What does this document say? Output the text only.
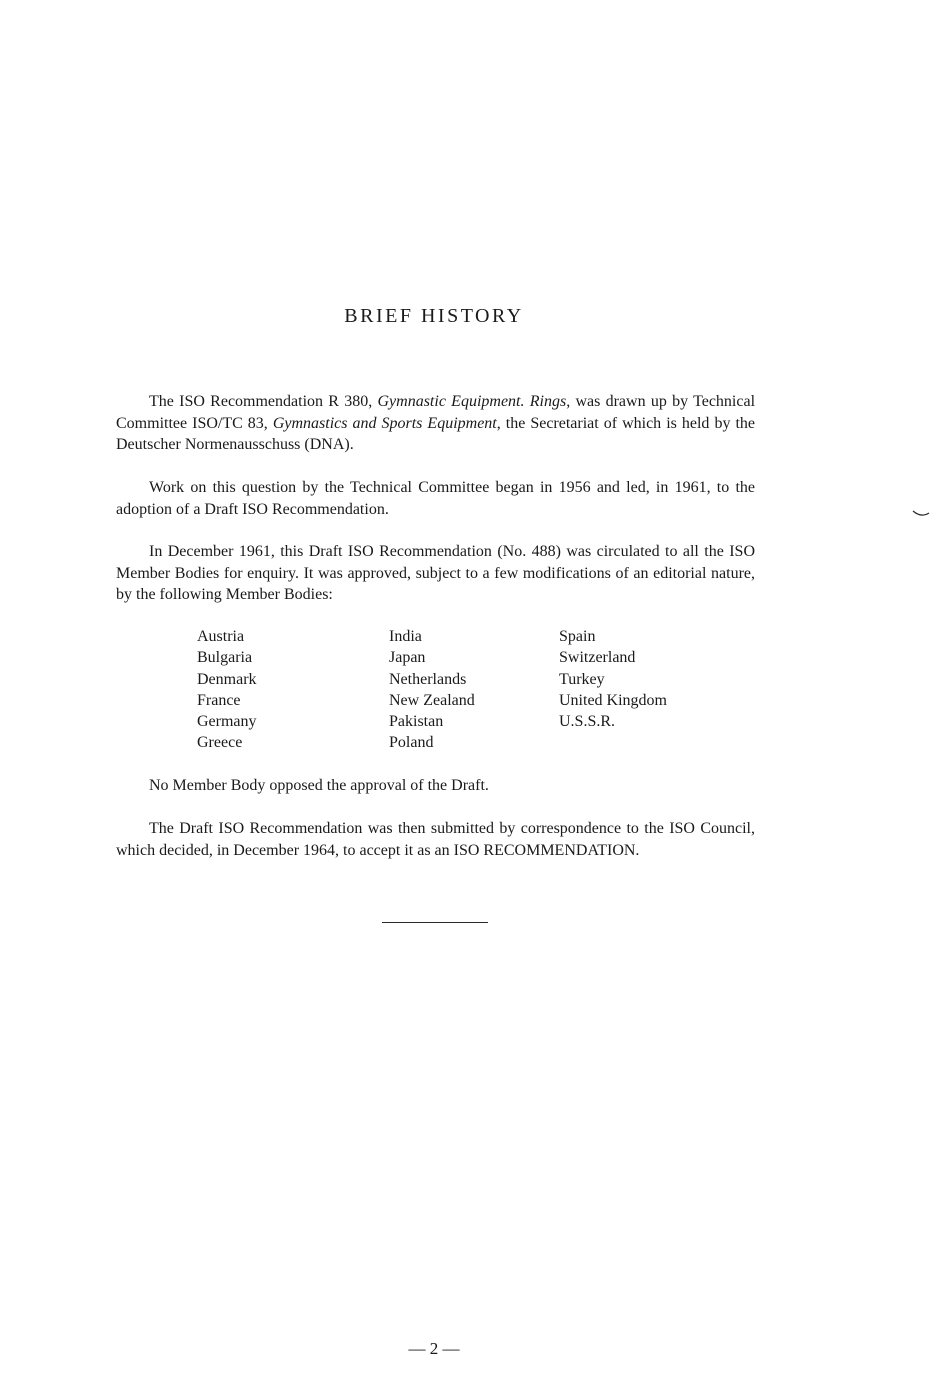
BRIEF HISTORY

The ISO Recommendation R 380, Gymnastic Equipment. Rings, was drawn up by Technical Committee ISO/TC 83, Gymnastics and Sports Equipment, the Secretariat of which is held by the Deutscher Normenausschuss (DNA).

Work on this question by the Technical Committee began in 1956 and led, in 1961, to the adoption of a Draft ISO Recommendation.

In December 1961, this Draft ISO Recommendation (No. 488) was circulated to all the ISO Member Bodies for enquiry. It was approved, subject to a few modifications of an editorial nature, by the following Member Bodies:

Austria
Bulgaria
Denmark
France
Germany
Greece
India
Japan
Netherlands
New Zealand
Pakistan
Poland
Spain
Switzerland
Turkey
United Kingdom
U.S.S.R.

No Member Body opposed the approval of the Draft.

The Draft ISO Recommendation was then submitted by correspondence to the ISO Council, which decided, in December 1964, to accept it as an ISO RECOMMENDATION.

— 2 —
